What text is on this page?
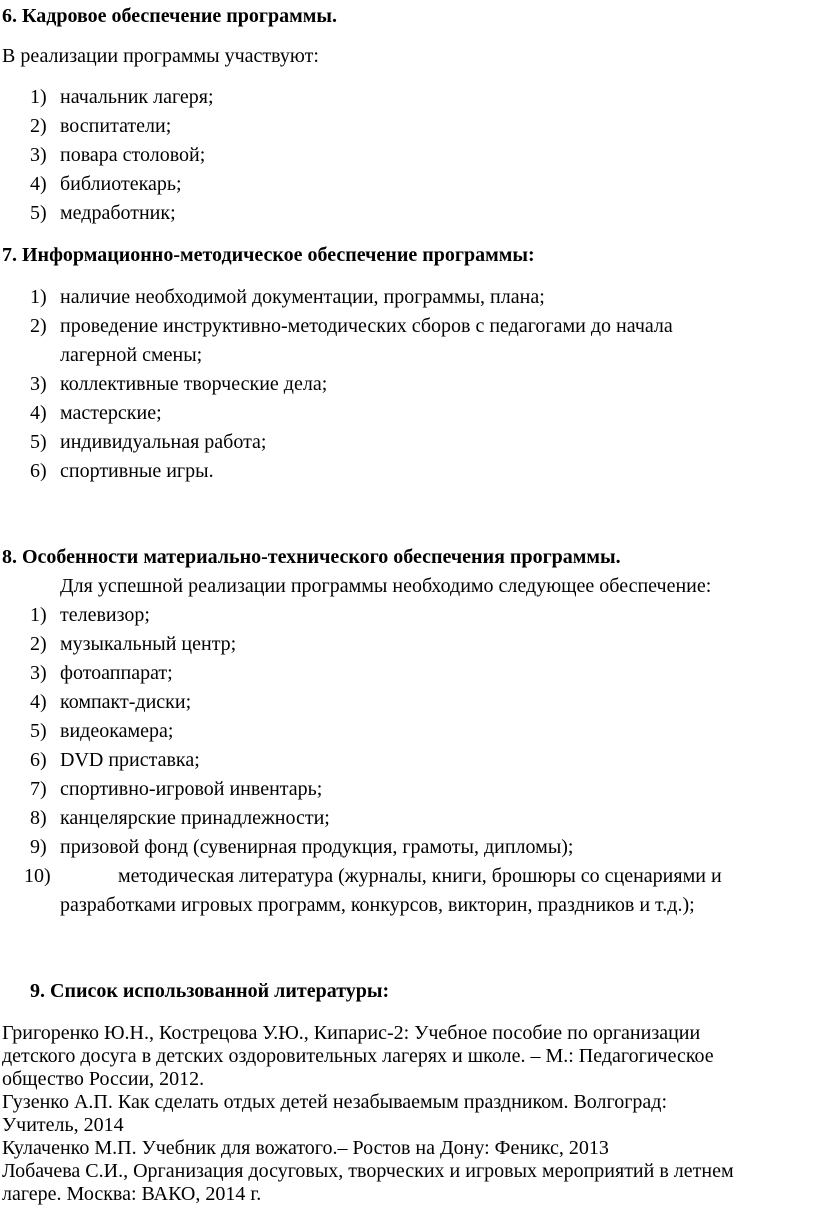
6. Кадровое обеспечение программы.
В реализации программы участвуют:
1) начальник лагеря;
2) воспитатели;
3) повара столовой;
4) библиотекарь;
5) медработник;
7. Информационно-методическое обеспечение программы:
1) наличие необходимой документации, программы, плана;
2) проведение инструктивно-методических сборов с педагогами до начала
лагерной смены;
3) коллективные творческие дела;
4) мастерские;
5) индивидуальная работа;
6) спортивные игры.
8. Особенности материально-технического обеспечения программы.
Для успешной реализации программы необходимо следующее обеспечение:
1) телевизор;
2) музыкальный центр;
3) фотоаппарат;
4) компакт-диски;
5) видеокамера;
6) DVD приставка;
7) спортивно-игровой инвентарь;
8) канцелярские принадлежности;
9) призовой фонд (сувенирная продукция, грамоты, дипломы);
10)	методическая литература (журналы, книги, брошюры со сценариями и
разработками игровых программ, конкурсов, викторин, праздников и т.д.);
9. Список использованной литературы:
Григоренко Ю.Н., Кострецова У.Ю., Кипарис-2: Учебное пособие по организации
детского досуга в детских оздоровительных лагерях и школе. – М.: Педагогическое
общество России, 2012.
Гузенко А.П. Как сделать отдых детей незабываемым праздником. Волгоград:
Учитель, 2014
Кулаченко М.П. Учебник для вожатого.– Ростов на Дону: Феникс, 2013
Лобачева С.И., Организация досуговых, творческих и игровых мероприятий в летнем
лагере. Москва: ВАКО, 2014 г.
